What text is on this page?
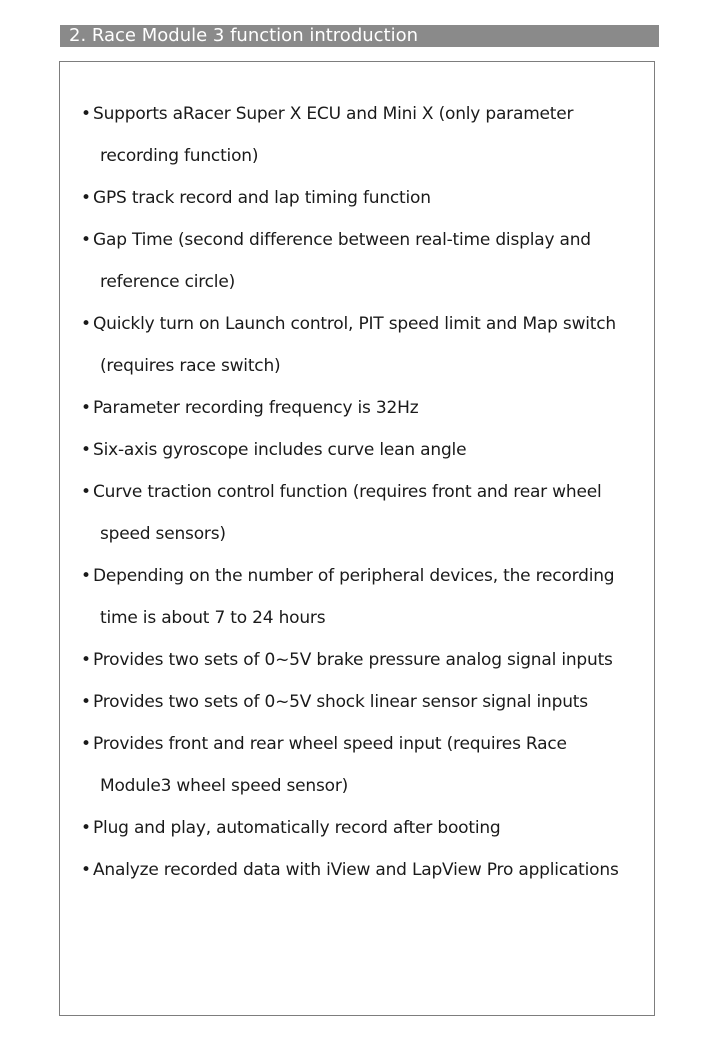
2. Race Module 3 function introduction
• Supports aRacer Super X ECU and Mini X (only parameter
recording function)
• GPS track record and lap timing function
• Gap Time (second difference between real-time display and
reference circle)
• Quickly turn on Launch control, PIT speed limit and Map switch
(requires race switch)
• Parameter recording frequency is 32Hz
• Six-axis gyroscope includes curve lean angle
• Curve traction control function (requires front and rear wheel
speed sensors)
• Depending on the number of peripheral devices, the recording
time is about 7 to 24 hours
• Provides two sets of 0~5V brake pressure analog signal inputs
• Provides two sets of 0~5V shock linear sensor signal inputs
• Provides front and rear wheel speed input (requires Race
Module3 wheel speed sensor)
• Plug and play, automatically record after booting
• Analyze recorded data with iView and LapView Pro applications
